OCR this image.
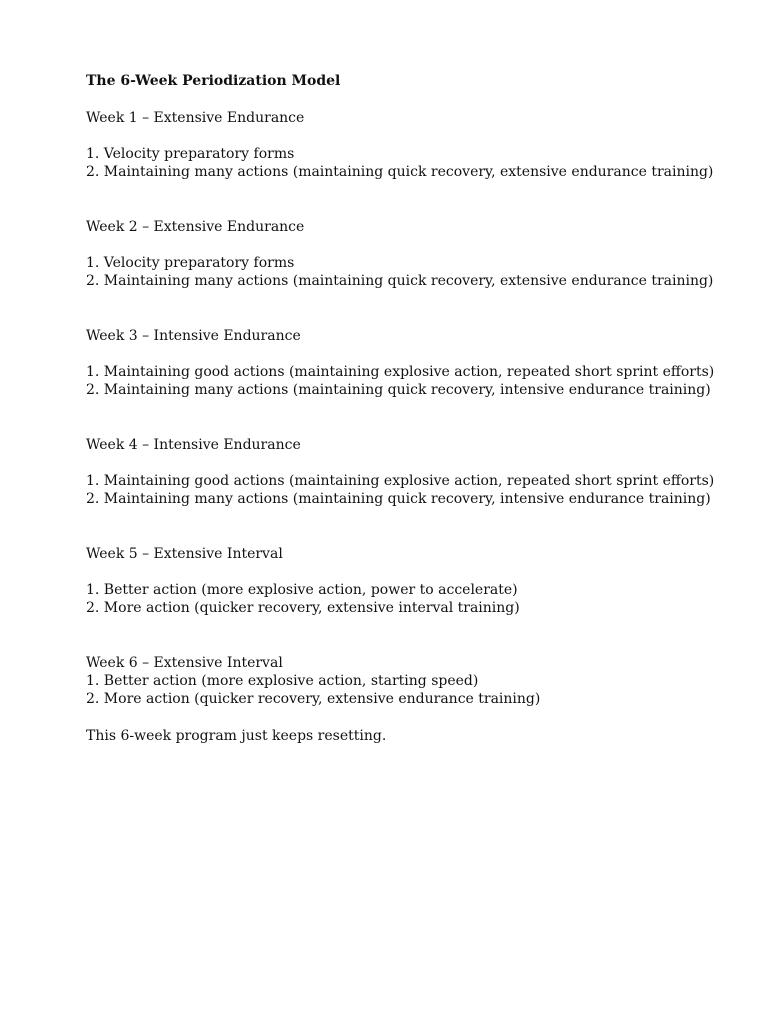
The 6-Week Periodization Model
Week 1 – Extensive Endurance
1. Velocity preparatory forms
2. Maintaining many actions (maintaining quick recovery, extensive endurance training)
Week 2 – Extensive Endurance
1. Velocity preparatory forms
2. Maintaining many actions (maintaining quick recovery, extensive endurance training)
Week 3 – Intensive Endurance
1. Maintaining good actions (maintaining explosive action, repeated short sprint efforts)
2. Maintaining many actions (maintaining quick recovery, intensive endurance training)
Week 4 – Intensive Endurance
1. Maintaining good actions (maintaining explosive action, repeated short sprint efforts)
2. Maintaining many actions (maintaining quick recovery, intensive endurance training)
Week 5 – Extensive Interval
1. Better action (more explosive action, power to accelerate)
2. More action (quicker recovery, extensive interval training)
Week 6 – Extensive Interval
1. Better action (more explosive action, starting speed)
2. More action (quicker recovery, extensive endurance training)
This 6-week program just keeps resetting.
